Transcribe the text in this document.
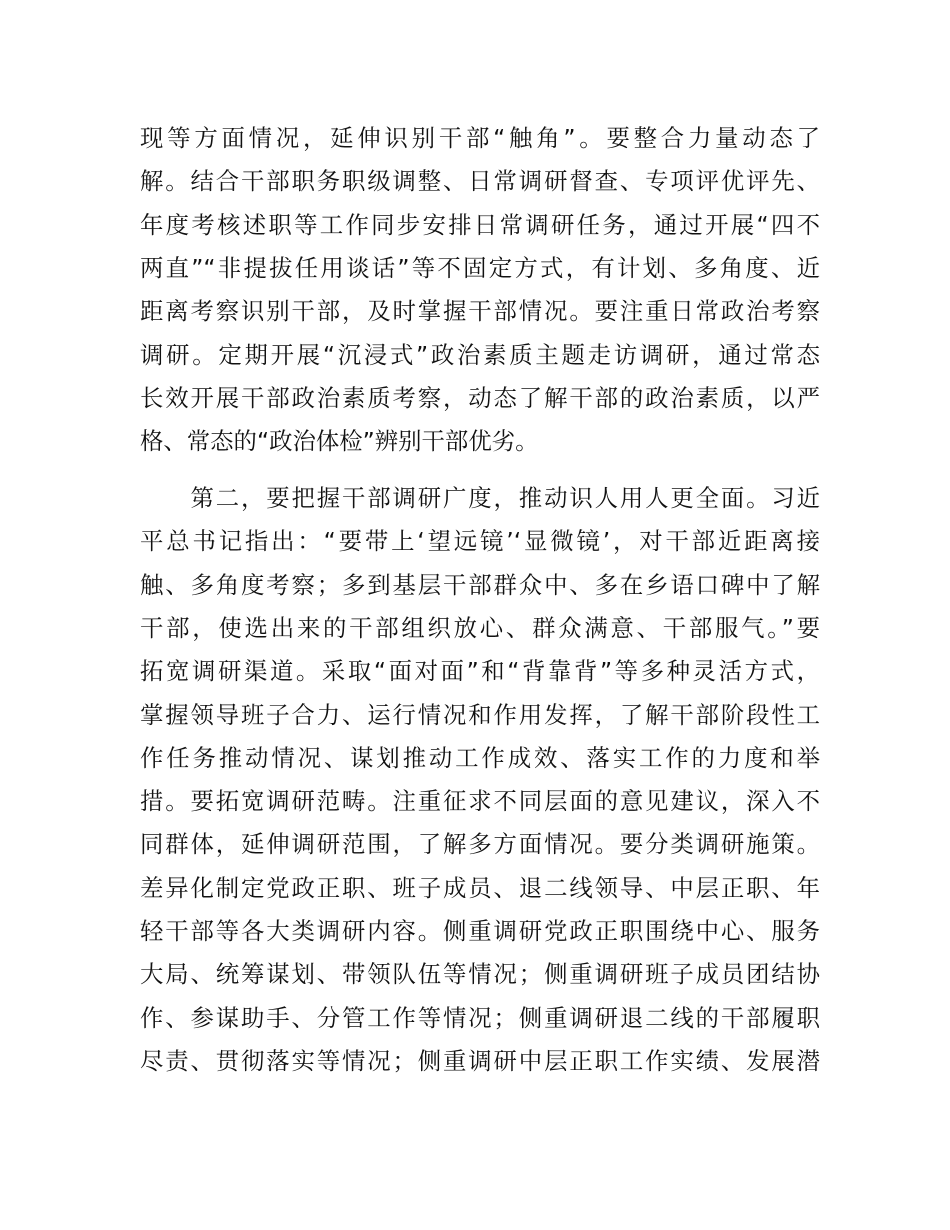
现等方面情况，延伸识别干部“触角”。要整合力量动态了
解。结合干部职务职级调整、日常调研督查、专项评优评先、
年度考核述职等工作同步安排日常调研任务，通过开展“四不
两直”“非提拔任用谈话”等不固定方式，有计划、多角度、近
距离考察识别干部，及时掌握干部情况。要注重日常政治考察
调研。定期开展“沉浸式”政治素质主题走访调研，通过常态
长效开展干部政治素质考察，动态了解干部的政治素质，以严
格、常态的“政治体检”辨别干部优劣。
　　第二，要把握干部调研广度，推动识人用人更全面。习近
平总书记指出：“要带上‘望远镜’‘显微镜’，对干部近距离接
触、多角度考察；多到基层干部群众中、多在乡语口碑中了解
干部，使选出来的干部组织放心、群众满意、干部服气。”要
拓宽调研渠道。采取“面对面”和“背靠背”等多种灵活方式，
掌握领导班子合力、运行情况和作用发挥，了解干部阶段性工
作任务推动情况、谋划推动工作成效、落实工作的力度和举
措。要拓宽调研范畴。注重征求不同层面的意见建议，深入不
同群体，延伸调研范围，了解多方面情况。要分类调研施策。
差异化制定党政正职、班子成员、退二线领导、中层正职、年
轻干部等各大类调研内容。侧重调研党政正职围绕中心、服务
大局、统筹谋划、带领队伍等情况；侧重调研班子成员团结协
作、参谋助手、分管工作等情况；侧重调研退二线的干部履职
尽责、贯彻落实等情况；侧重调研中层正职工作实绩、发展潜
